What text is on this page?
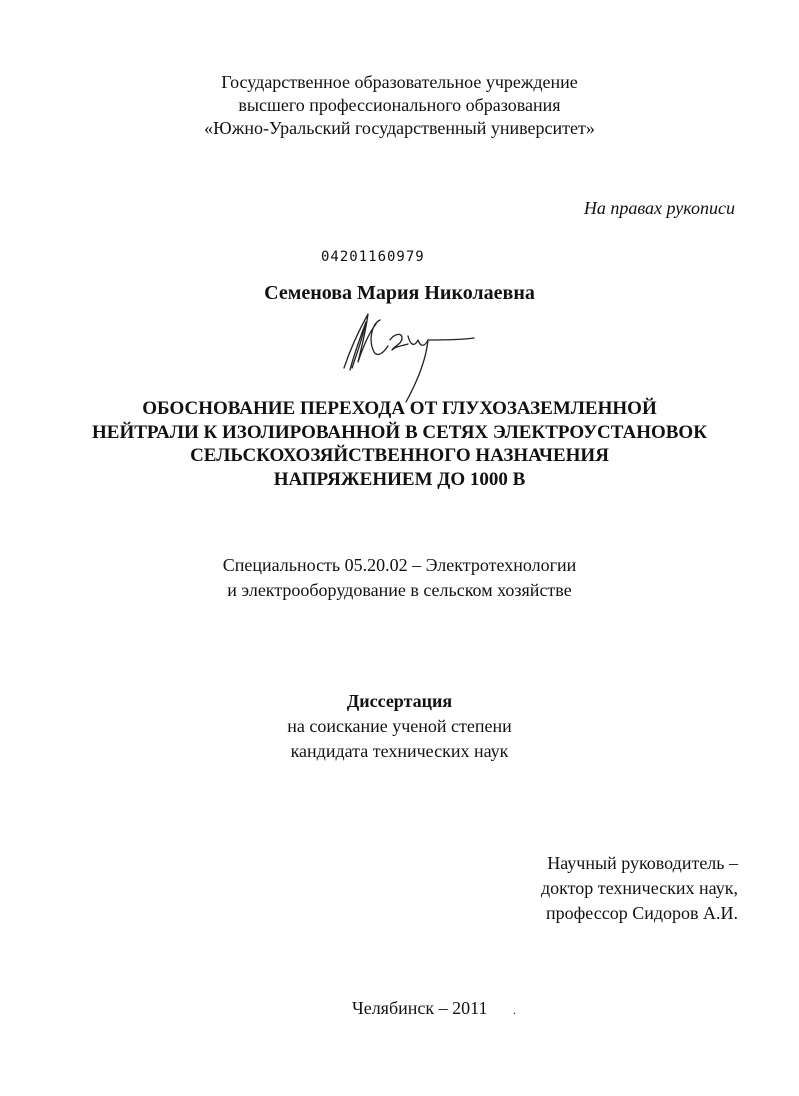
Государственное образовательное учреждение
высшего профессионального образования
«Южно-Уральский государственный университет»
На правах рукописи
04201160979
Семенова Мария Николаевна
ОБОСНОВАНИЕ ПЕРЕХОДА ОТ ГЛУХОЗАЗЕМЛЕННОЙ
НЕЙТРАЛИ К ИЗОЛИРОВАННОЙ В СЕТЯХ ЭЛЕКТРОУСТАНОВОК
СЕЛЬСКОХОЗЯЙСТВЕННОГО НАЗНАЧЕНИЯ
НАПРЯЖЕНИЕМ ДО 1000 В
Специальность 05.20.02 – Электротехнологии
и электрооборудование в сельском хозяйстве
Диссертация
на соискание ученой степени
кандидата технических наук
Научный руководитель –
доктор технических наук,
профессор Сидоров А.И.
Челябинск – 2011 .
